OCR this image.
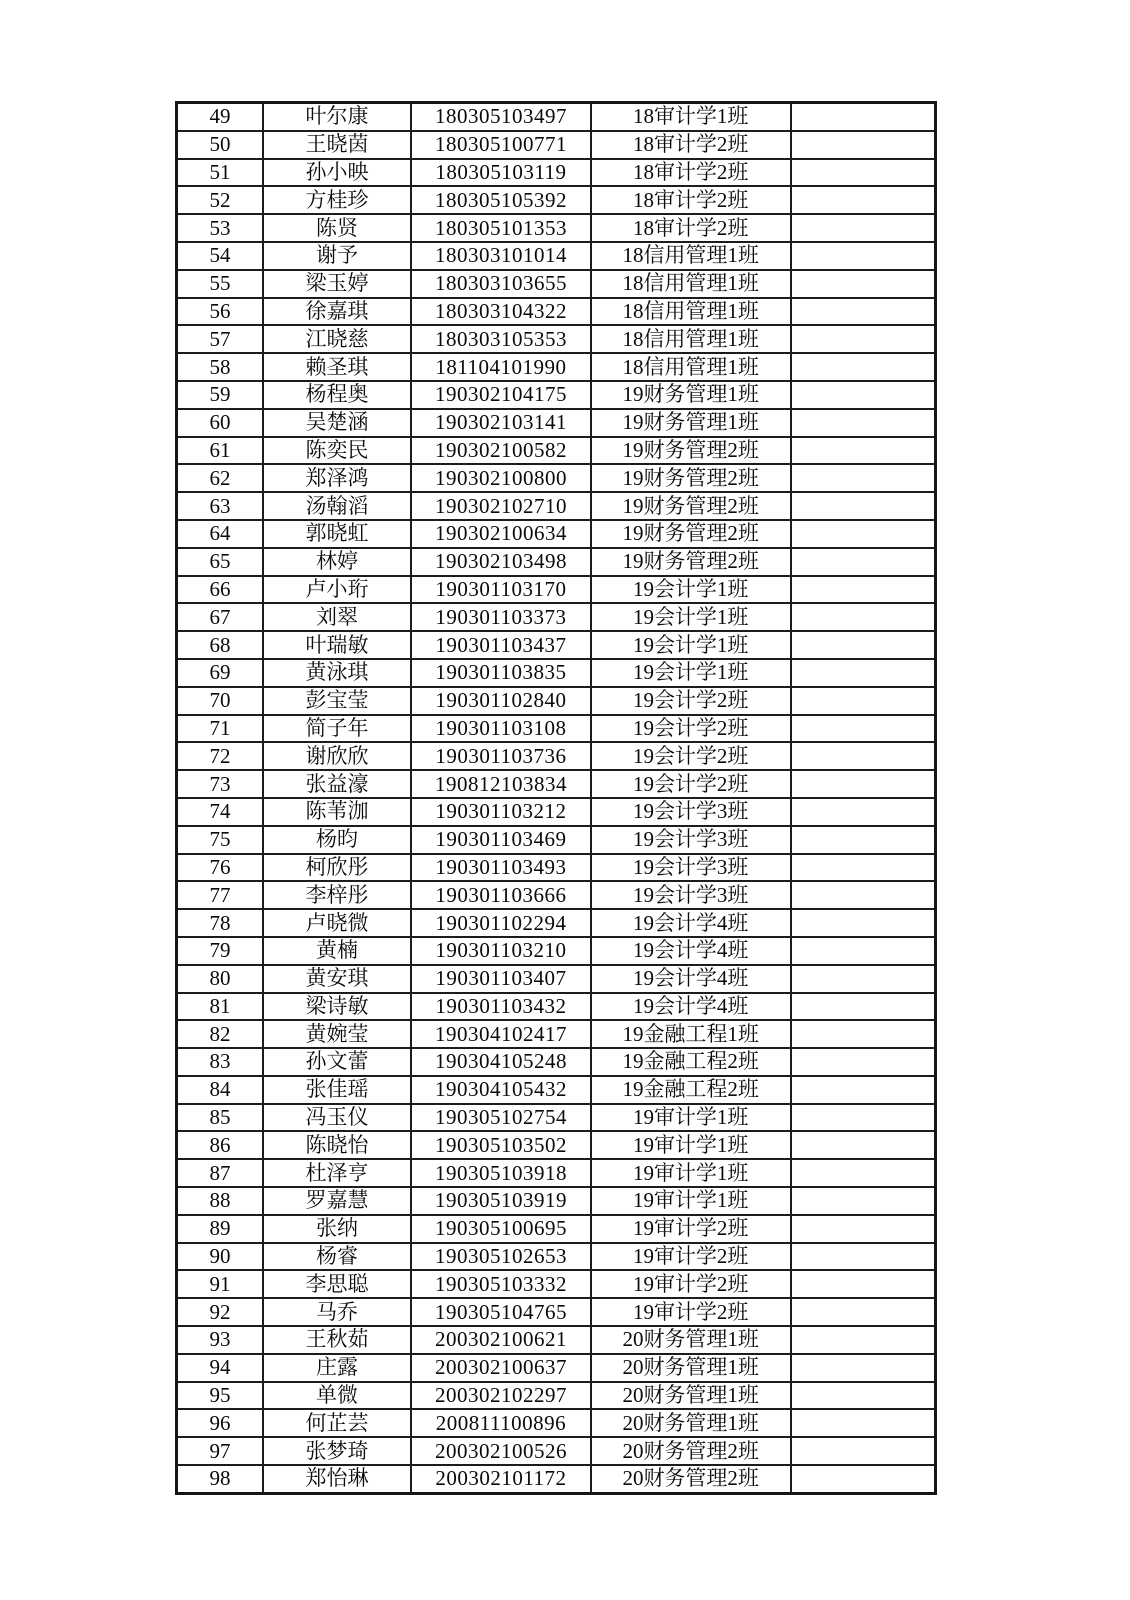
49	叶尔康	180305103497	18审计学1班	
50	王晓茵	180305100771	18审计学2班	
51	孙小映	180305103119	18审计学2班	
52	方桂珍	180305105392	18审计学2班	
53	陈贤	180305101353	18审计学2班	
54	谢予	180303101014	18信用管理1班	
55	梁玉婷	180303103655	18信用管理1班	
56	徐嘉琪	180303104322	18信用管理1班	
57	江晓慈	180303105353	18信用管理1班	
58	赖圣琪	181104101990	18信用管理1班	
59	杨程奥	190302104175	19财务管理1班	
60	吴楚涵	190302103141	19财务管理1班	
61	陈奕民	190302100582	19财务管理2班	
62	郑泽鸿	190302100800	19财务管理2班	
63	汤翰滔	190302102710	19财务管理2班	
64	郭晓虹	190302100634	19财务管理2班	
65	林婷	190302103498	19财务管理2班	
66	卢小珩	190301103170	19会计学1班	
67	刘翠	190301103373	19会计学1班	
68	叶瑞敏	190301103437	19会计学1班	
69	黄泳琪	190301103835	19会计学1班	
70	彭宝莹	190301102840	19会计学2班	
71	简子年	190301103108	19会计学2班	
72	谢欣欣	190301103736	19会计学2班	
73	张益濠	190812103834	19会计学2班	
74	陈苇泇	190301103212	19会计学3班	
75	杨昀	190301103469	19会计学3班	
76	柯欣彤	190301103493	19会计学3班	
77	李梓彤	190301103666	19会计学3班	
78	卢晓微	190301102294	19会计学4班	
79	黄楠	190301103210	19会计学4班	
80	黄安琪	190301103407	19会计学4班	
81	梁诗敏	190301103432	19会计学4班	
82	黄婉莹	190304102417	19金融工程1班	
83	孙文蕾	190304105248	19金融工程2班	
84	张佳瑶	190304105432	19金融工程2班	
85	冯玉仪	190305102754	19审计学1班	
86	陈晓怡	190305103502	19审计学1班	
87	杜泽亨	190305103918	19审计学1班	
88	罗嘉慧	190305103919	19审计学1班	
89	张纳	190305100695	19审计学2班	
90	杨睿	190305102653	19审计学2班	
91	李思聪	190305103332	19审计学2班	
92	马乔	190305104765	19审计学2班	
93	王秋茹	200302100621	20财务管理1班	
94	庄露	200302100637	20财务管理1班	
95	单微	200302102297	20财务管理1班	
96	何芷芸	200811100896	20财务管理1班	
97	张梦琦	200302100526	20财务管理2班	
98	郑怡琳	200302101172	20财务管理2班	
